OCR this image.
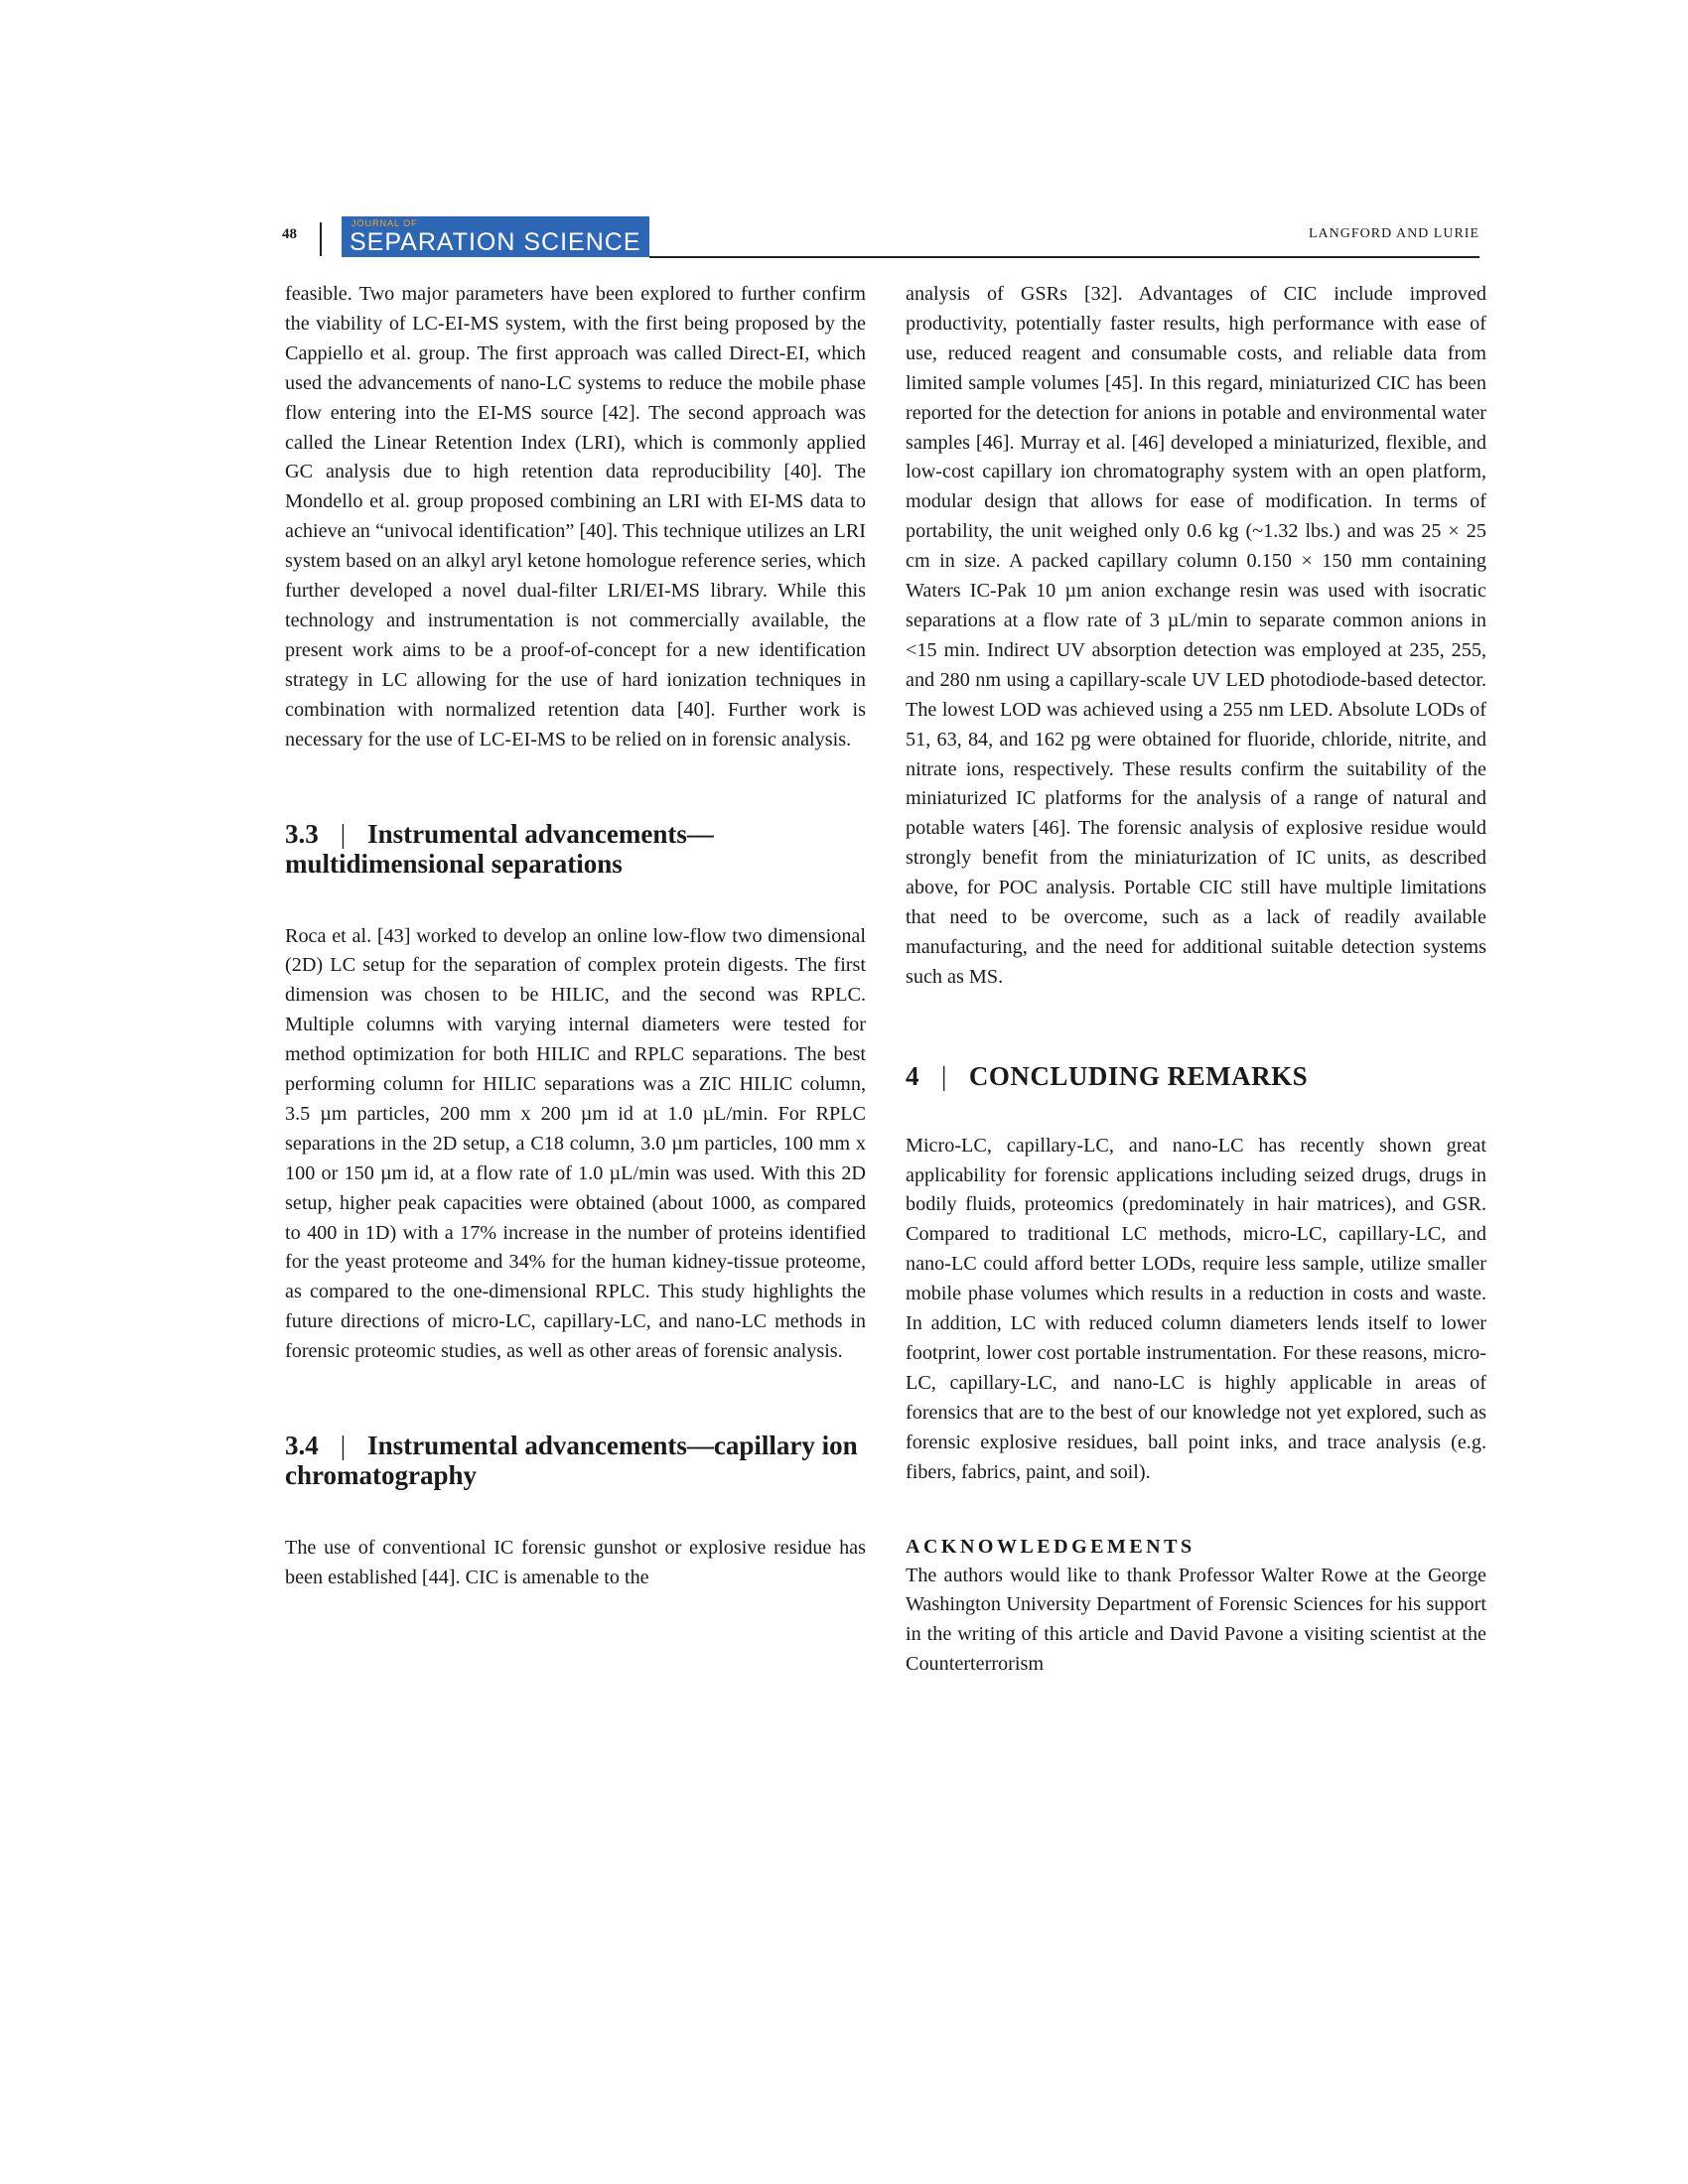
48
JOURNAL OF
SEPARATION SCIENCE	LANGFORD AND LURIE

feasible. Two major parameters have been explored to further confirm the viability of LC-EI-MS system, with the first being proposed by the Cappiello et al. group. The first approach was called Direct-EI, which used the advancements of nano-LC systems to reduce the mobile phase flow entering into the EI-MS source [42]. The second approach was called the Linear Retention Index (LRI), which is commonly applied GC analysis due to high retention data reproducibility [40]. The Mondello et al. group proposed combining an LRI with EI-MS data to achieve an “univocal identification” [40]. This technique utilizes an LRI system based on an alkyl aryl ketone homologue reference series, which further developed a novel dual-filter LRI/EI-MS library. While this technology and instrumentation is not commercially available, the present work aims to be a proof-of-concept for a new identification strategy in LC allowing for the use of hard ionization techniques in combination with normalized retention data [40]. Further work is necessary for the use of LC-EI-MS to be relied on in forensic analysis.

3.3 | Instrumental advancements—multidimensional separations

Roca et al. [43] worked to develop an online low-flow two dimensional (2D) LC setup for the separation of complex protein digests. The first dimension was chosen to be HILIC, and the second was RPLC. Multiple columns with varying internal diameters were tested for method optimization for both HILIC and RPLC separations. The best performing column for HILIC separations was a ZIC HILIC column, 3.5 µm particles, 200 mm x 200 µm id at 1.0 µL/min. For RPLC separations in the 2D setup, a C18 column, 3.0 µm particles, 100 mm x 100 or 150 µm id, at a flow rate of 1.0 µL/min was used. With this 2D setup, higher peak capacities were obtained (about 1000, as compared to 400 in 1D) with a 17% increase in the number of proteins identified for the yeast proteome and 34% for the human kidney-tissue proteome, as compared to the one-dimensional RPLC. This study highlights the future directions of micro-LC, capillary-LC, and nano-LC methods in forensic proteomic studies, as well as other areas of forensic analysis.

3.4 | Instrumental advancements—capillary ion chromatography

The use of conventional IC forensic gunshot or explosive residue has been established [44]. CIC is amenable to the

analysis of GSRs [32]. Advantages of CIC include improved productivity, potentially faster results, high performance with ease of use, reduced reagent and consumable costs, and reliable data from limited sample volumes [45]. In this regard, miniaturized CIC has been reported for the detection for anions in potable and environmental water samples [46]. Murray et al. [46] developed a miniaturized, flexible, and low-cost capillary ion chromatography system with an open platform, modular design that allows for ease of modification. In terms of portability, the unit weighed only 0.6 kg (~1.32 lbs.) and was 25 × 25 cm in size. A packed capillary column 0.150 × 150 mm containing Waters IC-Pak 10 µm anion exchange resin was used with isocratic separations at a flow rate of 3 µL/min to separate common anions in <15 min. Indirect UV absorption detection was employed at 235, 255, and 280 nm using a capillary-scale UV LED photodiode-based detector. The lowest LOD was achieved using a 255 nm LED. Absolute LODs of 51, 63, 84, and 162 pg were obtained for fluoride, chloride, nitrite, and nitrate ions, respectively. These results confirm the suitability of the miniaturized IC platforms for the analysis of a range of natural and potable waters [46]. The forensic analysis of explosive residue would strongly benefit from the miniaturization of IC units, as described above, for POC analysis. Portable CIC still have multiple limitations that need to be overcome, such as a lack of readily available manufacturing, and the need for additional suitable detection systems such as MS.

4 | CONCLUDING REMARKS

Micro-LC, capillary-LC, and nano-LC has recently shown great applicability for forensic applications including seized drugs, drugs in bodily fluids, proteomics (predominately in hair matrices), and GSR. Compared to traditional LC methods, micro-LC, capillary-LC, and nano-LC could afford better LODs, require less sample, utilize smaller mobile phase volumes which results in a reduction in costs and waste. In addition, LC with reduced column diameters lends itself to lower footprint, lower cost portable instrumentation. For these reasons, micro-LC, capillary-LC, and nano-LC is highly applicable in areas of forensics that are to the best of our knowledge not yet explored, such as forensic explosive residues, ball point inks, and trace analysis (e.g. fibers, fabrics, paint, and soil).

ACKNOWLEDGEMENTS

The authors would like to thank Professor Walter Rowe at the George Washington University Department of Forensic Sciences for his support in the writing of this article and David Pavone a visiting scientist at the Counterterrorism
